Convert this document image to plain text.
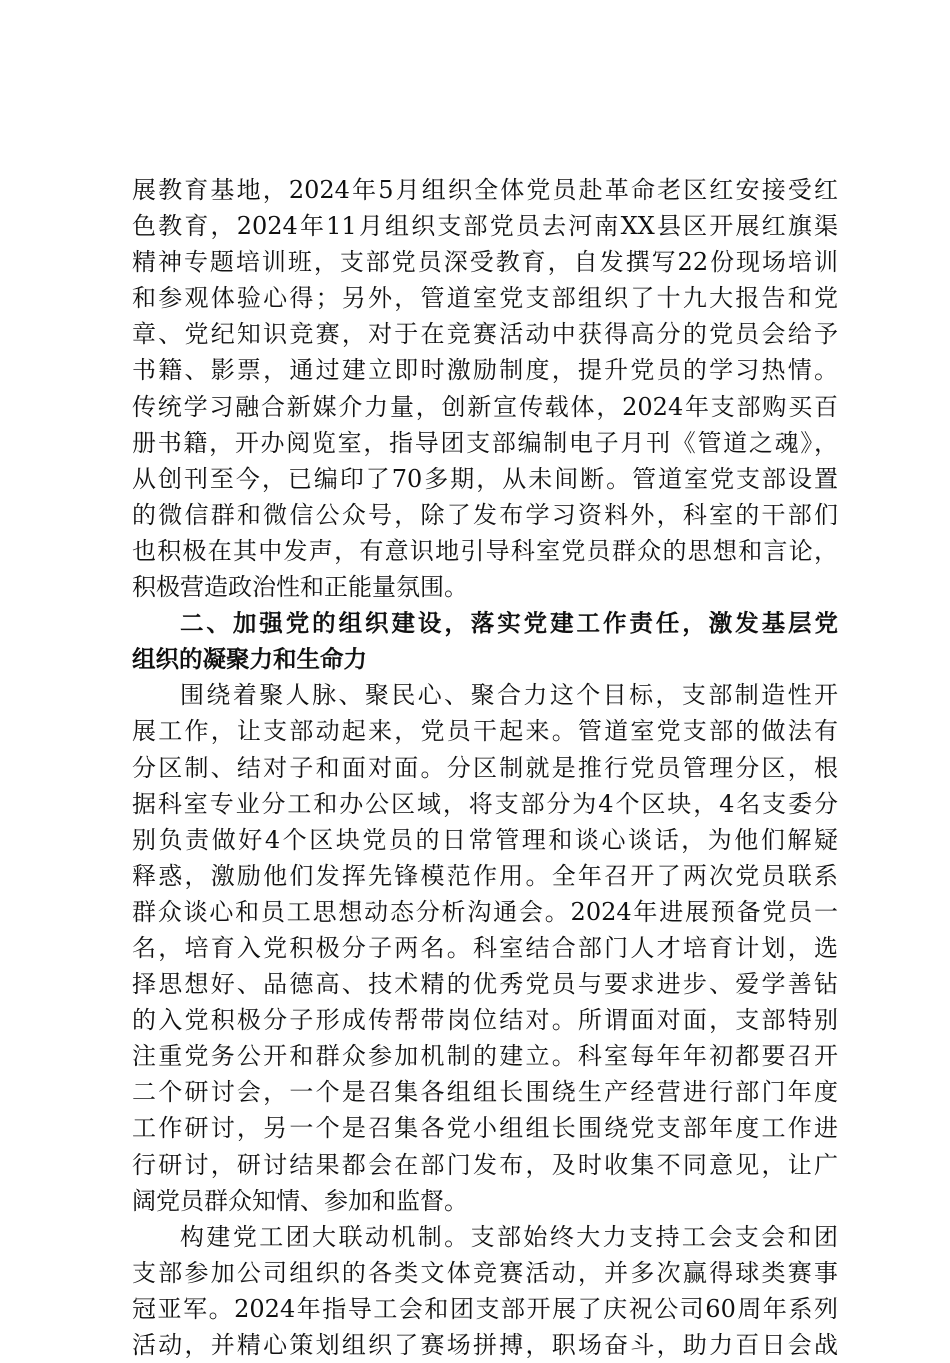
展教育基地，2024年5月组织全体党员赴革命老区红安接受红
色教育，2024年11月组织支部党员去河南XX县区开展红旗渠
精神专题培训班，支部党员深受教育，自发撰写22份现场培训
和参观体验心得；另外，管道室党支部组织了十九大报告和党
章、党纪知识竞赛，对于在竞赛活动中获得高分的党员会给予
书籍、影票，通过建立即时激励制度，提升党员的学习热情。
传统学习融合新媒介力量，创新宣传载体，2024年支部购买百
册书籍，开办阅览室，指导团支部编制电子月刊《管道之魂》，
从创刊至今，已编印了70多期，从未间断。管道室党支部设置
的微信群和微信公众号，除了发布学习资料外，科室的干部们
也积极在其中发声，有意识地引导科室党员群众的思想和言论，
积极营造政治性和正能量氛围。
二、加强党的组织建设，落实党建工作责任，激发基层党
组织的凝聚力和生命力
围绕着聚人脉、聚民心、聚合力这个目标，支部制造性开
展工作，让支部动起来，党员干起来。管道室党支部的做法有
分区制、结对子和面对面。分区制就是推行党员管理分区，根
据科室专业分工和办公区域，将支部分为4个区块，4名支委分
别负责做好4个区块党员的日常管理和谈心谈话，为他们解疑
释惑，激励他们发挥先锋模范作用。全年召开了两次党员联系
群众谈心和员工思想动态分析沟通会。2024年进展预备党员一
名，培育入党积极分子两名。科室结合部门人才培育计划，选
择思想好、品德高、技术精的优秀党员与要求进步、爱学善钻
的入党积极分子形成传帮带岗位结对。所谓面对面，支部特别
注重党务公开和群众参加机制的建立。科室每年年初都要召开
二个研讨会，一个是召集各组组长围绕生产经营进行部门年度
工作研讨，另一个是召集各党小组组长围绕党支部年度工作进
行研讨，研讨结果都会在部门发布，及时收集不同意见，让广
阔党员群众知情、参加和监督。
构建党工团大联动机制。支部始终大力支持工会支会和团
支部参加公司组织的各类文体竞赛活动，并多次赢得球类赛事
冠亚军。2024年指导工会和团支部开展了庆祝公司60周年系列
活动，并精心策划组织了赛场拼搏，职场奋斗，助力百日会战
